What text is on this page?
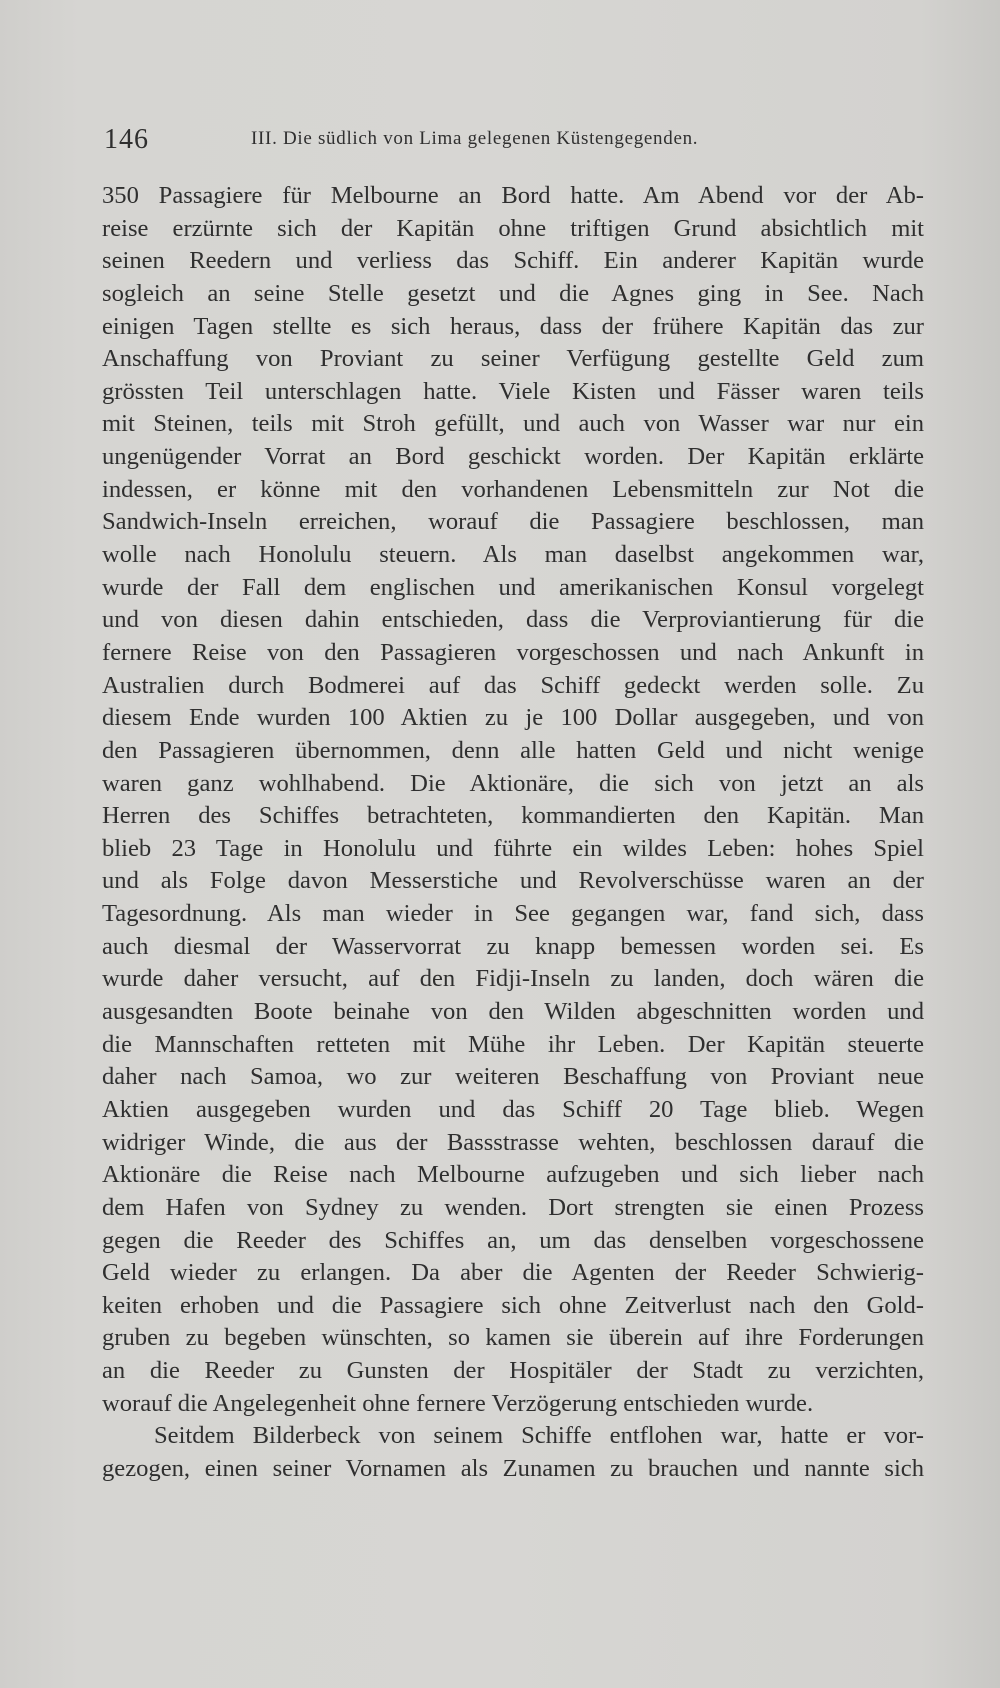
146	III. Die südlich von Lima gelegenen Küstengegenden.
350 Passagiere für Melbourne an Bord hatte. Am Abend vor der Ab-
reise erzürnte sich der Kapitän ohne triftigen Grund absichtlich mit
seinen Reedern und verliess das Schiff. Ein anderer Kapitän wurde
sogleich an seine Stelle gesetzt und die Agnes ging in See. Nach
einigen Tagen stellte es sich heraus, dass der frühere Kapitän das zur
Anschaffung von Proviant zu seiner Verfügung gestellte Geld zum
grössten Teil unterschlagen hatte. Viele Kisten und Fässer waren teils
mit Steinen, teils mit Stroh gefüllt, und auch von Wasser war nur ein
ungenügender Vorrat an Bord geschickt worden. Der Kapitän erklärte
indessen, er könne mit den vorhandenen Lebensmitteln zur Not die
Sandwich-Inseln erreichen, worauf die Passagiere beschlossen, man
wolle nach Honolulu steuern. Als man daselbst angekommen war,
wurde der Fall dem englischen und amerikanischen Konsul vorgelegt
und von diesen dahin entschieden, dass die Verproviantierung für die
fernere Reise von den Passagieren vorgeschossen und nach Ankunft in
Australien durch Bodmerei auf das Schiff gedeckt werden solle. Zu
diesem Ende wurden 100 Aktien zu je 100 Dollar ausgegeben, und von
den Passagieren übernommen, denn alle hatten Geld und nicht wenige
waren ganz wohlhabend. Die Aktionäre, die sich von jetzt an als
Herren des Schiffes betrachteten, kommandierten den Kapitän. Man
blieb 23 Tage in Honolulu und führte ein wildes Leben: hohes Spiel
und als Folge davon Messerstiche und Revolverschüsse waren an der
Tagesordnung. Als man wieder in See gegangen war, fand sich, dass
auch diesmal der Wasservorrat zu knapp bemessen worden sei. Es
wurde daher versucht, auf den Fidji-Inseln zu landen, doch wären die
ausgesandten Boote beinahe von den Wilden abgeschnitten worden und
die Mannschaften retteten mit Mühe ihr Leben. Der Kapitän steuerte
daher nach Samoa, wo zur weiteren Beschaffung von Proviant neue
Aktien ausgegeben wurden und das Schiff 20 Tage blieb. Wegen
widriger Winde, die aus der Bassstrasse wehten, beschlossen darauf die
Aktionäre die Reise nach Melbourne aufzugeben und sich lieber nach
dem Hafen von Sydney zu wenden. Dort strengten sie einen Prozess
gegen die Reeder des Schiffes an, um das denselben vorgeschossene
Geld wieder zu erlangen. Da aber die Agenten der Reeder Schwierig-
keiten erhoben und die Passagiere sich ohne Zeitverlust nach den Gold-
gruben zu begeben wünschten, so kamen sie überein auf ihre Forderungen
an die Reeder zu Gunsten der Hospitäler der Stadt zu verzichten,
worauf die Angelegenheit ohne fernere Verzögerung entschieden wurde.
Seitdem Bilderbeck von seinem Schiffe entflohen war, hatte er vor-
gezogen, einen seiner Vornamen als Zunamen zu brauchen und nannte sich
